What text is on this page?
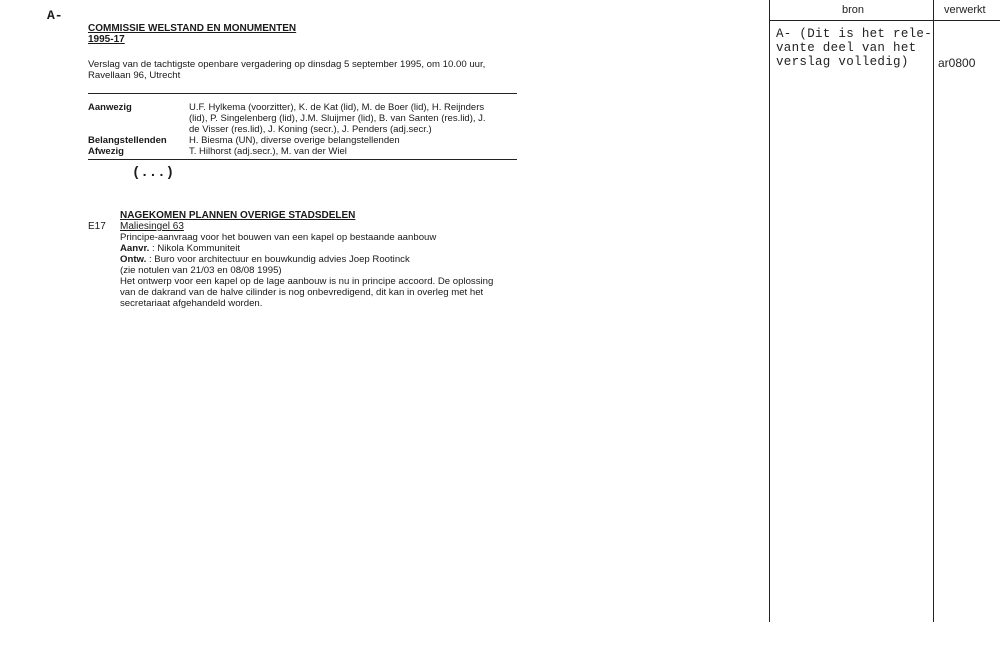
A-
COMMISSIE WELSTAND EN MONUMENTEN
1995-17
Verslag van de tachtigste openbare vergadering op dinsdag 5 september 1995, om 10.00 uur,
Ravellaan 96, Utrecht
Aanwezig	U.F. Hylkema (voorzitter), K. de Kat (lid), M. de Boer (lid), H. Reijnders
(lid), P. Singelenberg (lid), J.M. Sluijmer (lid), B. van Santen (res.lid), J.
de Visser (res.lid), J. Koning (secr.), J. Penders (adj.secr.)
Belangstellenden H. Biesma (UN), diverse overige belangstellenden
Afwezig	T. Hilhorst (adj.secr.), M. van der Wiel
(...)
NAGEKOMEN PLANNEN OVERIGE STADSDELEN
E17 Maliesingel 63
Principe-aanvraag voor het bouwen van een kapel op bestaande aanbouw
Aanvr. : Nikola Kommuniteit
Ontw. : Buro voor architectuur en bouwkundig advies Joep Rootinck
(zie notulen van 21/03 en 08/08 1995)
Het ontwerp voor een kapel op de lage aanbouw is nu in principe accoord. De oplossing
van de dakrand van de halve cilinder is nog onbevredigend, dit kan in overleg met het
secretariaat afgehandeld worden.
bron	verwerkt
A- (Dit is het rele-
vante deel van het
verslag volledig) ar0800
